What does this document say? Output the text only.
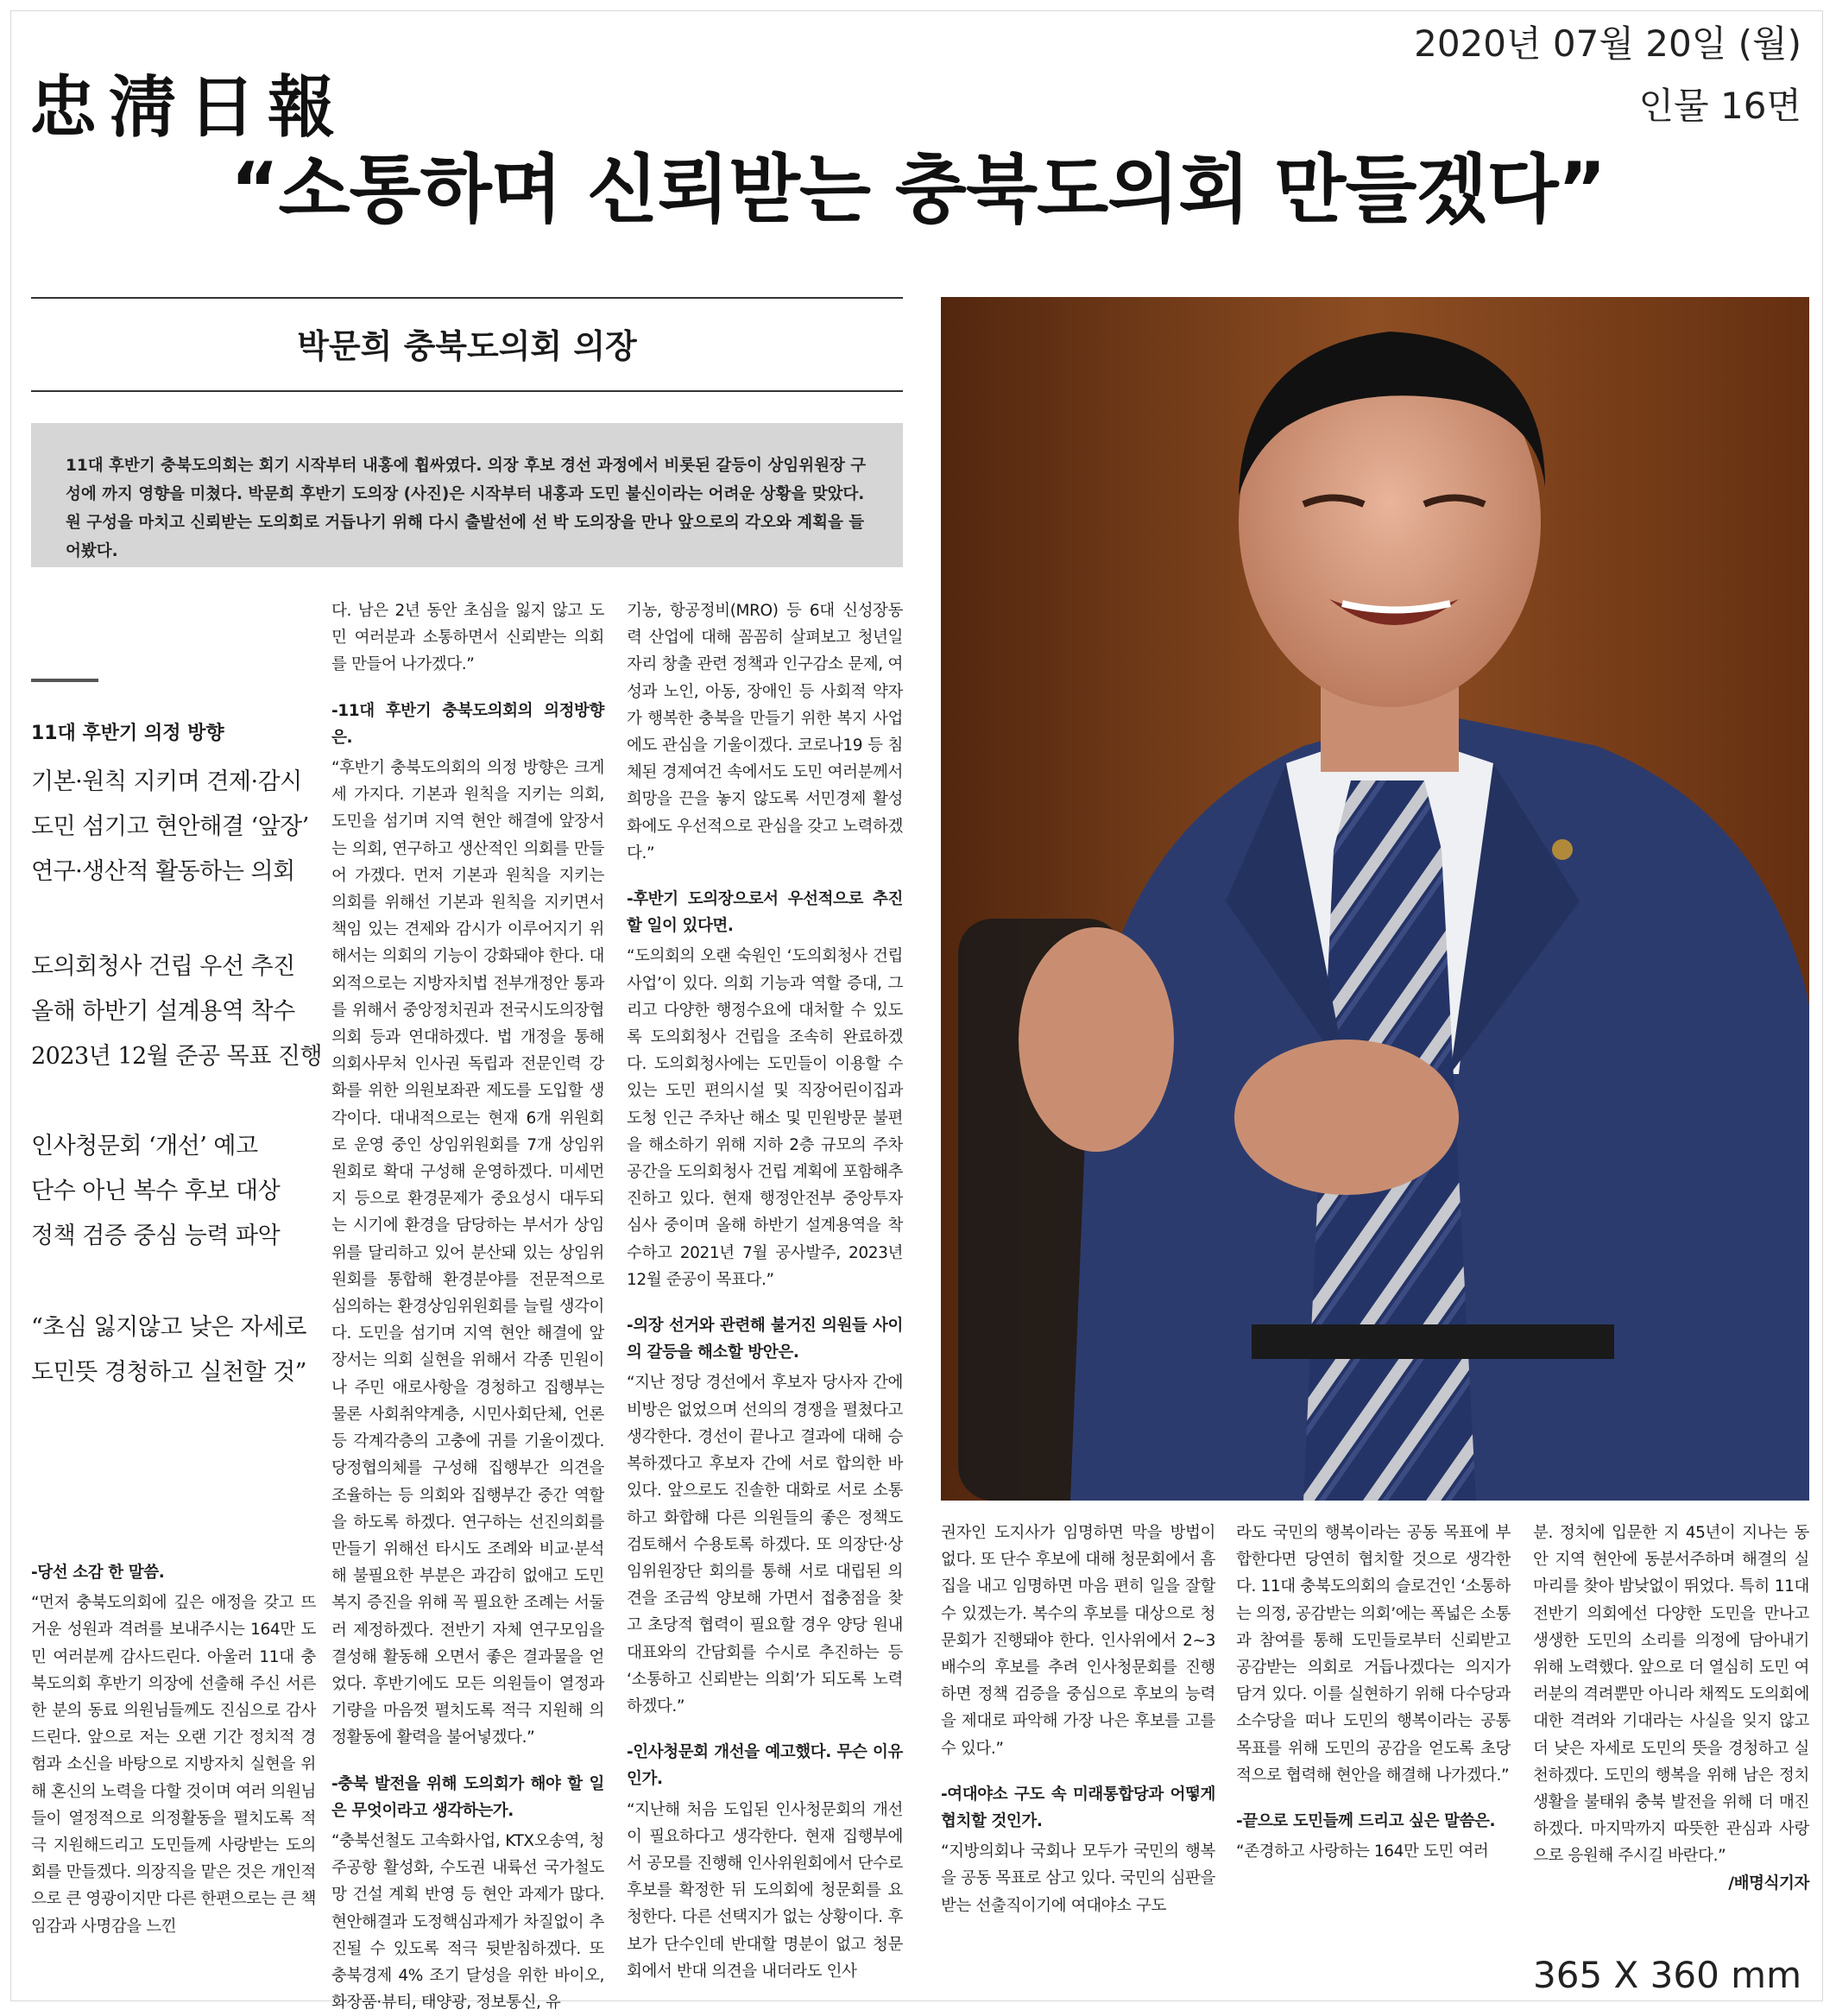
忠淸日報
2020년 07월 20일 (월)
인물 16면
“소통하며 신뢰받는 충북도의회 만들겠다”
박문희 충북도의회 의장
11대 후반기 충북도의회는 회기 시작부터 내홍에 휩싸였다. 의장 후보 경선 과정에서 비롯된 갈등이 상임위원장 구성에 까지 영향을 미쳤다. 박문희 후반기 도의장 (사진)은 시작부터 내홍과 도민 불신이라는 어려운 상황을 맞았다. 원 구성을 마치고 신뢰받는 도의회로 거듭나기 위해 다시 출발선에 선 박 도의장을 만나 앞으로의 각오와 계획을 들어봤다.
11대 후반기 의정 방향
기본·원칙 지키며 견제·감시
도민 섬기고 현안해결 ‘앞장’
연구·생산적 활동하는 의회
도의회청사 건립 우선 추진
올해 하반기 설계용역 착수
2023년 12월 준공 목표 진행
인사청문회 ‘개선’ 예고
단수 아닌 복수 후보 대상
정책 검증 중심 능력 파악
“초심 잃지않고 낮은 자세로
도민뜻 경청하고 실천할 것”

-당선 소감 한 말씀.

“먼저 충북도의회에 깊은 애정을 갖고 뜨거운 성원과 격려를 보내주시는 164만 도민 여러분께 감사드린다. 아울러 11대 충북도의회 후반기 의장에 선출해 주신 서른 한 분의 동료 의원님들께도 진심으로 감사드린다. 앞으로 저는 오랜 기간 정치적 경험과 소신을 바탕으로 지방자치 실현을 위해 혼신의 노력을 다할 것이며 여러 의원님들이 열정적으로 의정활동을 펼치도록 적극 지원해드리고 도민들께 사랑받는 도의회를 만들겠다. 의장직을 맡은 것은 개인적으로 큰 영광이지만 다른 한편으로는 큰 책임감과 사명감을 느낀

다. 남은 2년 동안 초심을 잃지 않고 도민 여러분과 소통하면서 신뢰받는 의회를 만들어 나가겠다.”

-11대 후반기 충북도의회의 의정방향은.

“후반기 충북도의회의 의정 방향은 크게 세 가지다. 기본과 원칙을 지키는 의회, 도민을 섬기며 지역 현안 해결에 앞장서는 의회, 연구하고 생산적인 의회를 만들어 가겠다. 먼저 기본과 원칙을 지키는 의회를 위해선 기본과 원칙을 지키면서 책임 있는 견제와 감시가 이루어지기 위해서는 의회의 기능이 강화돼야 한다. 대외적으로는 지방자치법 전부개정안 통과를 위해서 중앙정치권과 전국시도의장협의회 등과 연대하겠다. 법 개정을 통해 의회사무처 인사권 독립과 전문인력 강화를 위한 의원보좌관 제도를 도입할 생각이다. 대내적으로는 현재 6개 위원회로 운영 중인 상임위원회를 7개 상임위원회로 확대 구성해 운영하겠다. 미세먼지 등으로 환경문제가 중요성시 대두되는 시기에 환경을 담당하는 부서가 상임위를 달리하고 있어 분산돼 있는 상임위원회를 통합해 환경분야를 전문적으로 심의하는 환경상임위원회를 늘릴 생각이다. 도민을 섬기며 지역 현안 해결에 앞장서는 의회 실현을 위해서 각종 민원이나 주민 애로사항을 경청하고 집행부는 물론 사회취약계층, 시민사회단체, 언론 등 각계각층의 고충에 귀를 기울이겠다. 당정협의체를 구성해 집행부간 의견을 조율하는 등 의회와 집행부간 중간 역할을 하도록 하겠다. 연구하는 선진의회를 만들기 위해선 타시도 조례와 비교·분석해 불필요한 부분은 과감히 없애고 도민 복지 증진을 위해 꼭 필요한 조례는 서둘러 제정하겠다. 전반기 자체 연구모임을 결성해 활동해 오면서 좋은 결과물을 얻었다. 후반기에도 모든 의원들이 열정과 기량을 마음껏 펼치도록 적극 지원해 의정활동에 활력을 불어넣겠다.”

-충북 발전을 위해 도의회가 해야 할 일은 무엇이라고 생각하는가.

“충북선철도 고속화사업, KTX오송역, 청주공항 활성화, 수도권 내륙선 국가철도망 건설 계획 반영 등 현안 과제가 많다. 현안해결과 도정핵심과제가 차질없이 추진될 수 있도록 적극 뒷받침하겠다. 또 충북경제 4% 조기 달성을 위한 바이오, 화장품·뷰티, 태양광, 정보통신, 유

기농, 항공정비(MRO) 등 6대 신성장동력 산업에 대해 꼼꼼히 살펴보고 청년일자리 창출 관련 정책과 인구감소 문제, 여성과 노인, 아동, 장애인 등 사회적 약자가 행복한 충북을 만들기 위한 복지 사업에도 관심을 기울이겠다. 코로나19 등 침체된 경제여건 속에서도 도민 여러분께서 희망을 끈을 놓지 않도록 서민경제 활성화에도 우선적으로 관심을 갖고 노력하겠다.”

-후반기 도의장으로서 우선적으로 추진할 일이 있다면.

“도의회의 오랜 숙원인 ‘도의회청사 건립사업’이 있다. 의회 기능과 역할 증대, 그리고 다양한 행정수요에 대처할 수 있도록 도의회청사 건립을 조속히 완료하겠다. 도의회청사에는 도민들이 이용할 수 있는 도민 편의시설 및 직장어린이집과 도청 인근 주차난 해소 및 민원방문 불편을 해소하기 위해 지하 2층 규모의 주차공간을 도의회청사 건립 계획에 포함해추진하고 있다. 현재 행정안전부 중앙투자심사 중이며 올해 하반기 설계용역을 착수하고 2021년 7월 공사발주, 2023년 12월 준공이 목표다.”

-의장 선거와 관련해 불거진 의원들 사이의 갈등을 해소할 방안은.

“지난 정당 경선에서 후보자 당사자 간에 비방은 없었으며 선의의 경쟁을 펼쳤다고 생각한다. 경선이 끝나고 결과에 대해 승복하겠다고 후보자 간에 서로 합의한 바 있다. 앞으로도 진솔한 대화로 서로 소통하고 화합해 다른 의원들의 좋은 정책도 검토해서 수용토록 하겠다. 또 의장단·상임위원장단 회의를 통해 서로 대립된 의견을 조금씩 양보해 가면서 접충점을 찾고 초당적 협력이 필요할 경우 양당 원내대표와의 간담회를 수시로 추진하는 등 ‘소통하고 신뢰받는 의회’가 되도록 노력하겠다.”

-인사청문회 개선을 예고했다. 무슨 이유인가.

“지난해 처음 도입된 인사청문회의 개선이 필요하다고 생각한다. 현재 집행부에서 공모를 진행해 인사위원회에서 단수로 후보를 확정한 뒤 도의회에 청문회를 요청한다. 다른 선택지가 없는 상황이다. 후보가 단수인데 반대할 명분이 없고 청문회에서 반대 의견을 내더라도 인사

권자인 도지사가 임명하면 막을 방법이 없다. 또 단수 후보에 대해 청문회에서 흠집을 내고 임명하면 마음 편히 일을 잘할 수 있겠는가. 복수의 후보를 대상으로 청문회가 진행돼야 한다. 인사위에서 2~3배수의 후보를 추려 인사청문회를 진행하면 정책 검증을 중심으로 후보의 능력을 제대로 파악해 가장 나은 후보를 고를 수 있다.”

-여대야소 구도 속 미래통합당과 어떻게 협치할 것인가.

“지방의회나 국회나 모두가 국민의 행복을 공동 목표로 삼고 있다. 국민의 심판을 받는 선출직이기에 여대야소 구도

라도 국민의 행복이라는 공동 목표에 부합한다면 당연히 협치할 것으로 생각한다. 11대 충북도의회의 슬로건인 ‘소통하는 의정, 공감받는 의회’에는 폭넓은 소통과 참여를 통해 도민들로부터 신뢰받고 공감받는 의회로 거듭나겠다는 의지가 담겨 있다. 이를 실현하기 위해 다수당과 소수당을 떠나 도민의 행복이라는 공통 목표를 위해 도민의 공감을 얻도록 초당적으로 협력해 현안을 해결해 나가겠다.”

-끝으로 도민들께 드리고 싶은 말씀은.

“존경하고 사랑하는 164만 도민 여러

분. 정치에 입문한 지 45년이 지나는 동안 지역 현안에 동분서주하며 해결의 실마리를 찾아 밤낮없이 뛰었다. 특히 11대 전반기 의회에선 다양한 도민을 만나고 생생한 도민의 소리를 의정에 담아내기 위해 노력했다. 앞으로 더 열심히 도민 여러분의 격려뿐만 아니라 채찍도 도의회에 대한 격려와 기대라는 사실을 잊지 않고 더 낮은 자세로 도민의 뜻을 경청하고 실천하겠다. 도민의 행복을 위해 남은 정치 생활을 불태워 충북 발전을 위해 더 매진하겠다. 마지막까지 따뜻한 관심과 사랑으로 응원해 주시길 바란다.”

/배명식기자

365 X 360 mm
